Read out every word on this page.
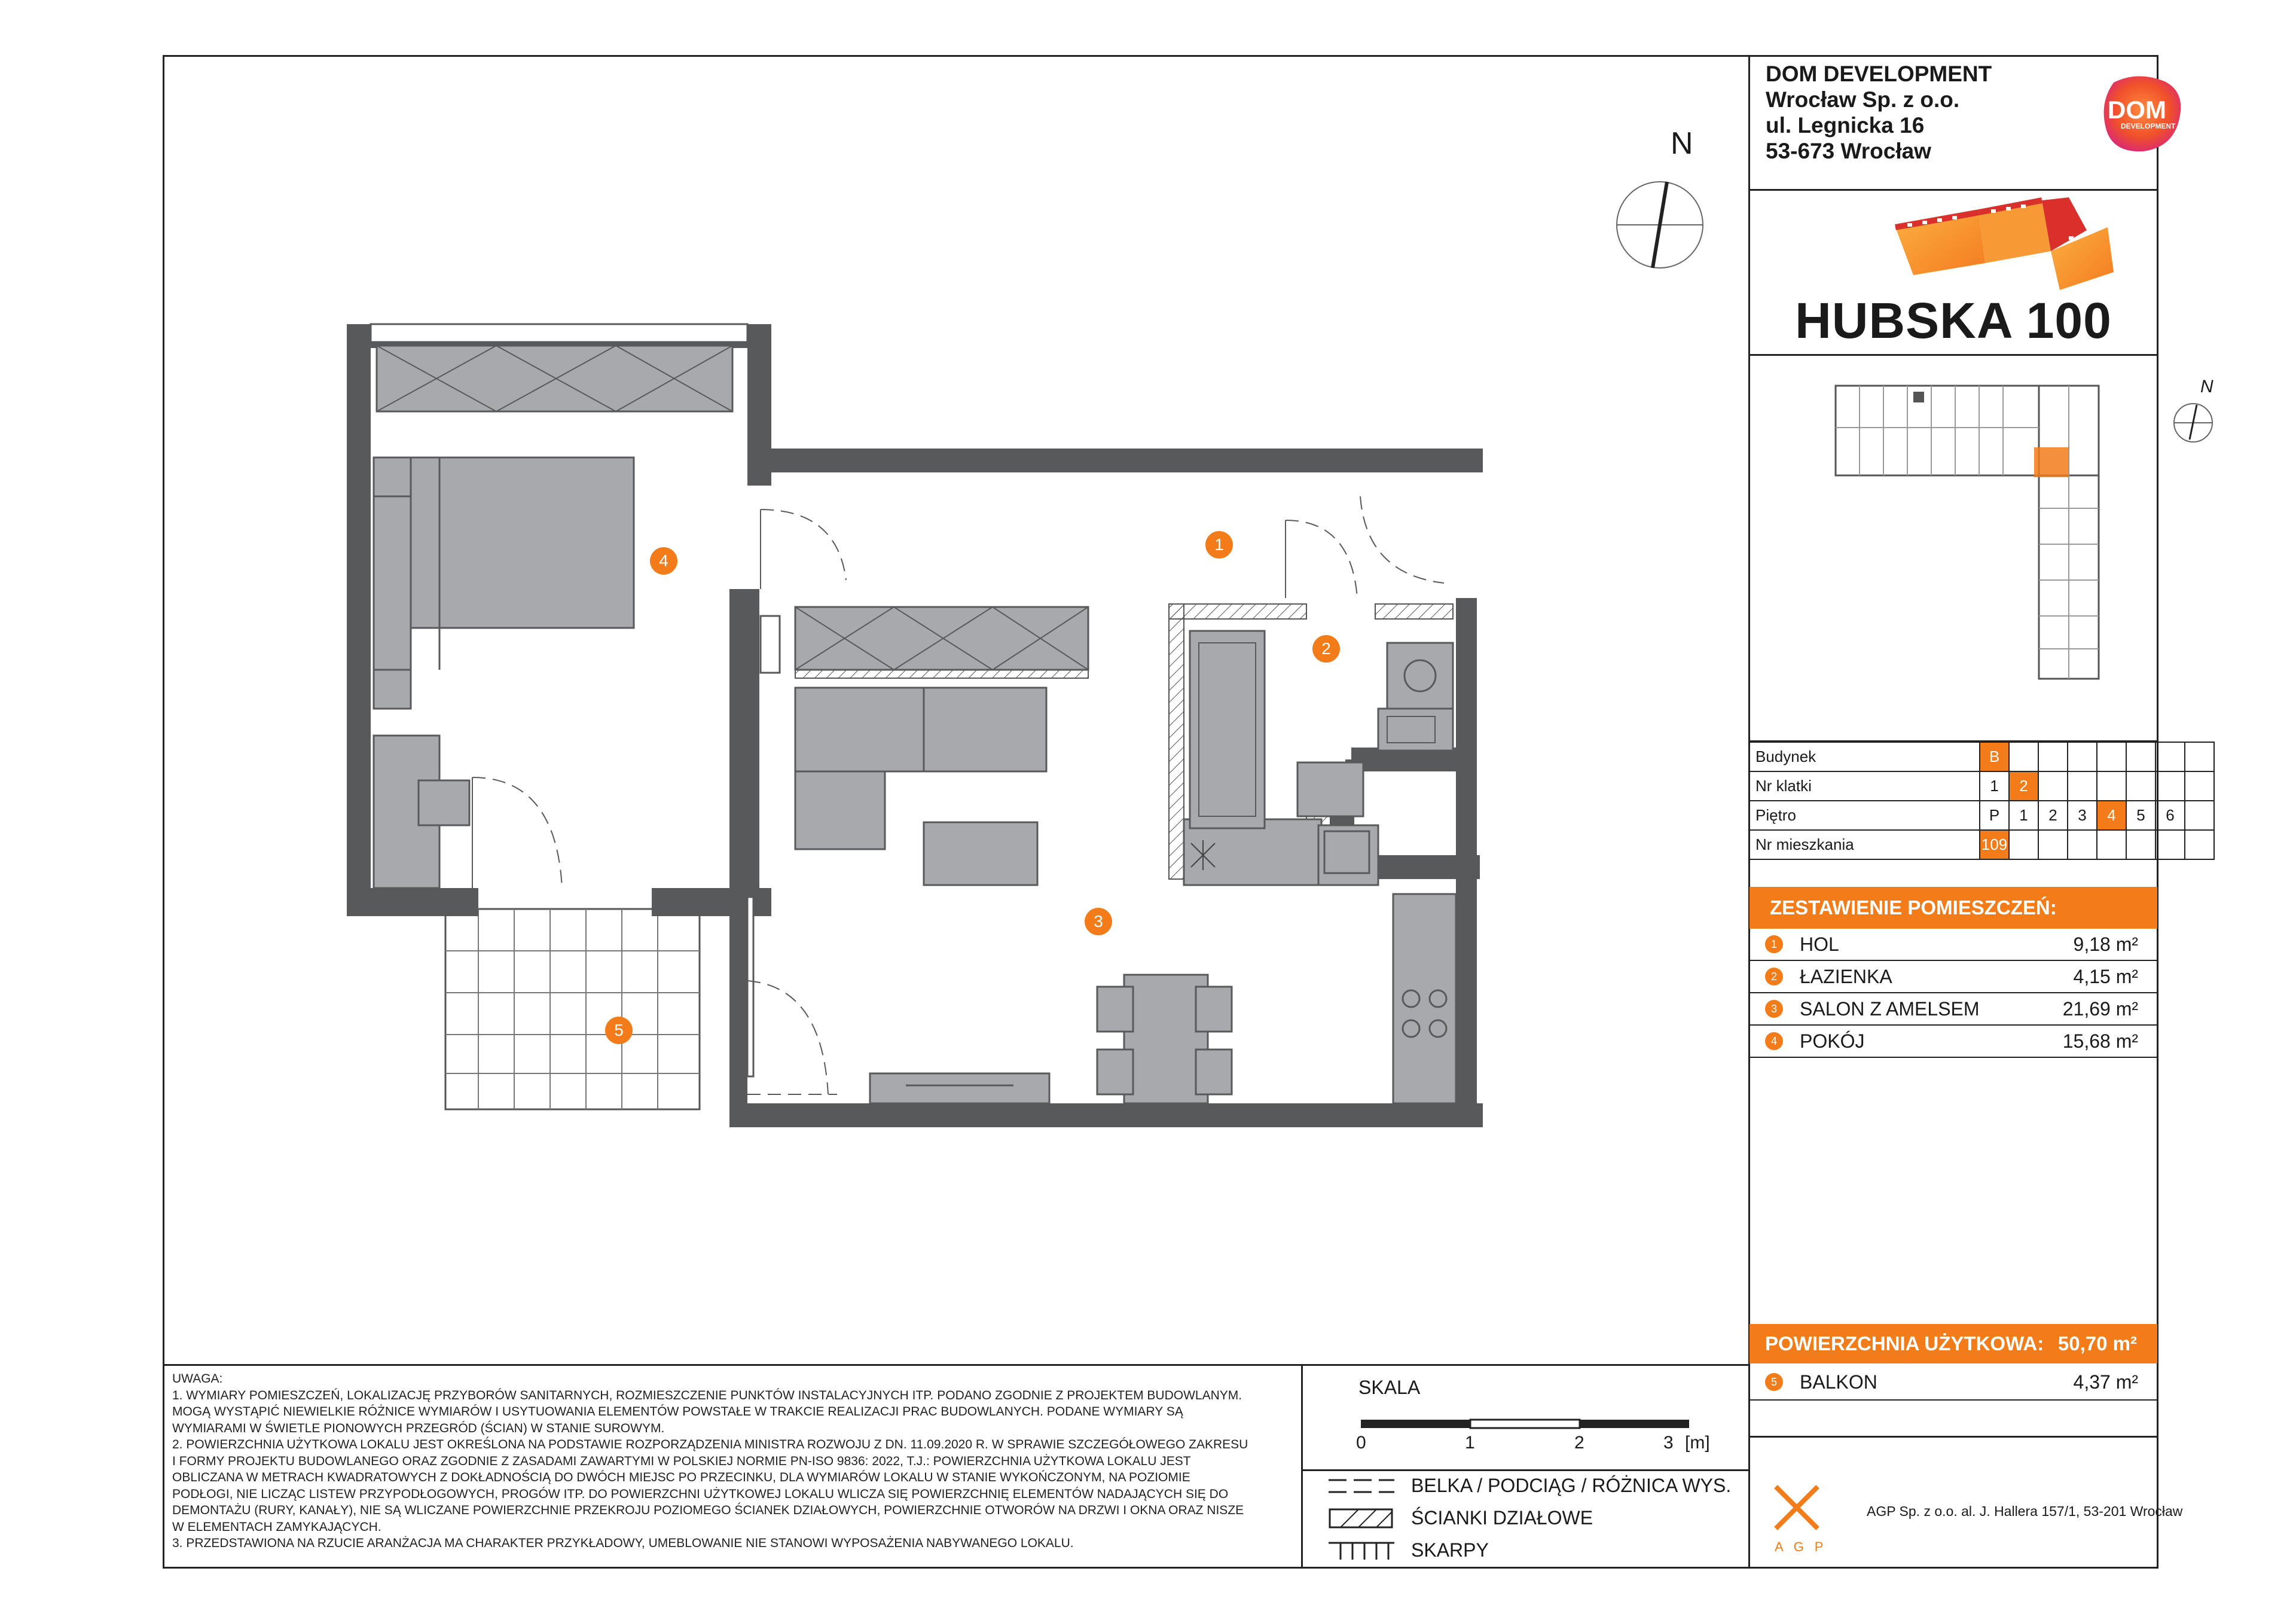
DOM DEVELOPMENT
Wrocław Sp. z o.o.
ul. Legnicka 16
53-673 Wrocław
DOM
DEVELOPMENT
HUBSKA 100
N
Budynek	B							
Nr klatki	1	2						
Piętro	P	1	2	3	4	5	6	
Nr mieszkania	109							
ZESTAWIENIE POMIESZCZEŃ:
1	HOL	9,18 m²
2	ŁAZIENKA	4,15 m²
3	SALON Z AMELSEM	21,69 m²
4	POKÓJ	15,68 m²
POWIERZCHNIA UŻYTKOWA: 50,70 m²
5	BALKON	4,37 m²
A G P
AGP Sp. z o.o. al. J. Hallera 157/1, 53-201 Wrocław
UWAGA:
1. WYMIARY POMIESZCZEŃ, LOKALIZACJĘ PRZYBORÓW SANITARNYCH, ROZMIESZCZENIE PUNKTÓW INSTALACYJNYCH ITP. PODANO ZGODNIE Z PROJEKTEM BUDOWLANYM.
MOGĄ WYSTĄPIĆ NIEWIELKIE RÓŻNICE WYMIARÓW I USYTUOWANIA ELEMENTÓW POWSTAŁE W TRAKCIE REALIZACJI PRAC BUDOWLANYCH. PODANE WYMIARY SĄ
WYMIARAMI W ŚWIETLE PIONOWYCH PRZEGRÓD (ŚCIAN) W STANIE SUROWYM.
2. POWIERZCHNIA UŻYTKOWA LOKALU JEST OKREŚLONA NA PODSTAWIE ROZPORZĄDZENIA MINISTRA ROZWOJU Z DN. 11.09.2020 R. W SPRAWIE SZCZEGÓŁOWEGO ZAKRESU
I FORMY PROJEKTU BUDOWLANEGO ORAZ ZGODNIE Z ZASADAMI ZAWARTYMI W POLSKIEJ NORMIE PN-ISO 9836: 2022, T.J.: POWIERZCHNIA UŻYTKOWA LOKALU JEST
OBLICZANA W METRACH KWADRATOWYCH Z DOKŁADNOŚCIĄ DO DWÓCH MIEJSC PO PRZECINKU, DLA WYMIARÓW LOKALU W STANIE WYKOŃCZONYM, NA POZIOMIE
PODŁOGI, NIE LICZĄC LISTEW PRZYPODŁOGOWYCH, PROGÓW ITP. DO POWIERZCHNI UŻYTKOWEJ LOKALU WLICZA SIĘ POWIERZCHNIĘ ELEMENTÓW NADAJĄCYCH SIĘ DO
DEMONTAŻU (RURY, KANAŁY), NIE SĄ WLICZANE POWIERZCHNIE PRZEKROJU POZIOMEGO ŚCIANEK DZIAŁOWYCH, POWIERZCHNIE OTWORÓW NA DRZWI I OKNA ORAZ NISZE
W ELEMENTACH ZAMYKAJĄCYCH.
3. PRZEDSTAWIONA NA RZUCIE ARANŻACJA MA CHARAKTER PRZYKŁADOWY, UMEBLOWANIE NIE STANOWI WYPOSAŻENIA NABYWANEGO LOKALU.
SKALA
0	1	2	3 [m]
BELKA / PODCIĄG / RÓŻNICA WYS.
ŚCIANKI DZIAŁOWE
SKARPY
N
1
2
3
4
5
